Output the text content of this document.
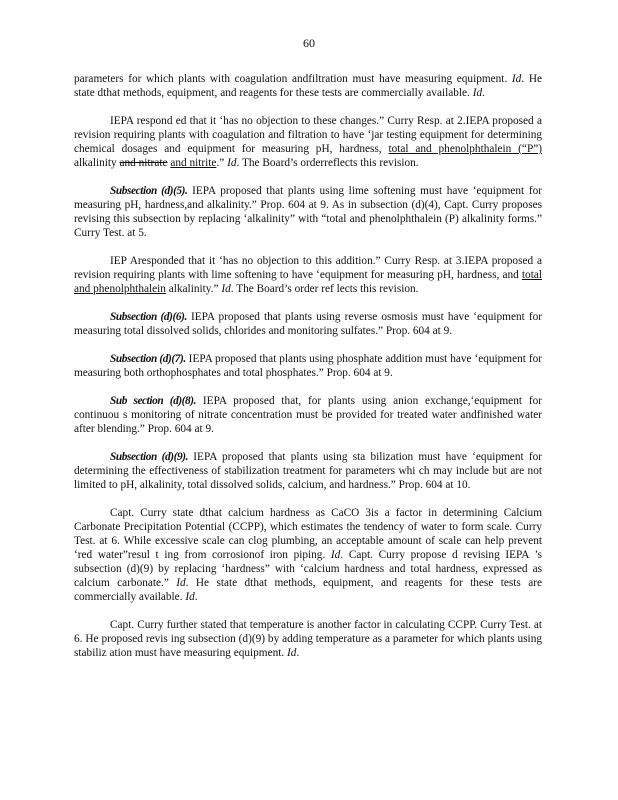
60

parameters for which plants with coagulation andfiltration must have measuring equipment. Id. He state dthat methods, equipment, and reagents for these tests are commercially available. Id.

IEPA respond ed that it ‘has no objection to these changes.” Curry Resp. at 2.IEPA proposed a revision requiring plants with coagulation and filtration to have ‘jar testing equipment for determining chemical dosages and equipment for measuring pH, hardness, total and phenolphthalein (“P”) alkalinity and nitrate and nitrite.” Id. The Board’s orderreflects this revision.

Subsection (d)(5). IEPA proposed that plants using lime softening must have ‘equipment for measuring pH, hardness,and alkalinity.” Prop. 604 at 9. As in subsection (d)(4), Capt. Curry proposes revising this subsection by replacing ‘alkalinity” with “total and phenolphthalein (P) alkalinity forms.” Curry Test. at 5.

IEP Aresponded that it ‘has no objection to this addition.” Curry Resp. at 3.IEPA proposed a revision requiring plants with lime softening to have ‘equipment for measuring pH, hardness, and total and phenolphthalein alkalinity.” Id. The Board’s order ref lects this revision.

Subsection (d)(6). IEPA proposed that plants using reverse osmosis must have ‘equipment for measuring total dissolved solids, chlorides and monitoring sulfates.” Prop. 604 at 9.

Subsection (d)(7). IEPA proposed that plants using phosphate addition must have ‘equipment for measuring both orthophosphates and total phosphates.” Prop. 604 at 9.

Sub section (d)(8). IEPA proposed that, for plants using anion exchange,‘equipment for continuou s monitoring of nitrate concentration must be provided for treated water andfinished water after blending.” Prop. 604 at 9.

Subsection (d)(9). IEPA proposed that plants using sta bilization must have ‘equipment for determining the effectiveness of stabilization treatment for parameters whi ch may include but are not limited to pH, alkalinity, total dissolved solids, calcium, and hardness.” Prop. 604 at 10.

Capt. Curry state dthat calcium hardness as CaCO 3is a factor in determining Calcium Carbonate Precipitation Potential (CCPP), which estimates the tendency of water to form scale. Curry Test. at 6. While excessive scale can clog plumbing, an acceptable amount of scale can help prevent ‘red water”resul t ing from corrosionof iron piping. Id. Capt. Curry propose d revising IEPA ’s subsection (d)(9) by replacing ‘hardness” with ‘calcium hardness and total hardness, expressed as calcium carbonate.” Id. He state dthat methods, equipment, and reagents for these tests are commercially available. Id.

Capt. Curry further stated that temperature is another factor in calculating CCPP. Curry Test. at 6. He proposed revis ing subsection (d)(9) by adding temperature as a parameter for which plants using stabiliz ation must have measuring equipment. Id.
